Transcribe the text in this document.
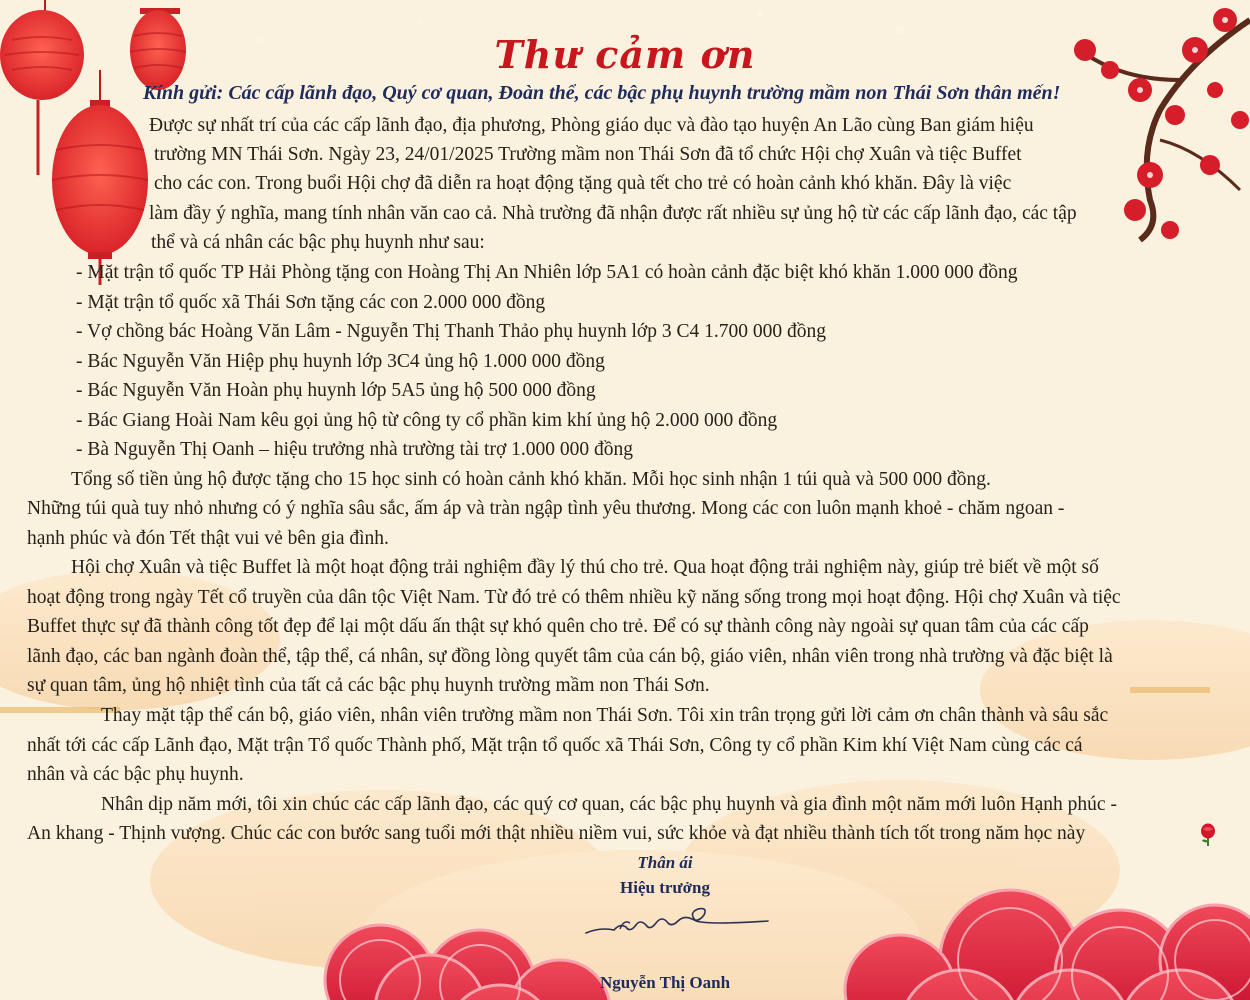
Thư cảm ơn
Kính gửi: Các cấp lãnh đạo, Quý cơ quan, Đoàn thể, các bậc phụ huynh trường mầm non Thái Sơn thân mến!
Được sự nhất trí của các cấp lãnh đạo, địa phương, Phòng giáo dục và đào tạo huyện An Lão cùng Ban giám hiệu
trường MN Thái Sơn. Ngày 23, 24/01/2025 Trường mầm non Thái Sơn đã tổ chức Hội chợ Xuân và tiệc Buffet
cho các con. Trong buổi Hội chợ đã diễn ra hoạt động tặng quà tết cho trẻ có hoàn cảnh khó khăn. Đây là việc
làm đầy ý nghĩa, mang tính nhân văn cao cả. Nhà trường đã nhận được rất nhiều sự ủng hộ từ các cấp lãnh đạo, các tập
thể và cá nhân các bậc phụ huynh như sau:
- Mặt trận tổ quốc TP Hải Phòng tặng con Hoàng Thị An Nhiên lớp 5A1 có hoàn cảnh đặc biệt khó khăn 1.000 000 đồng
- Mặt trận tổ quốc xã Thái Sơn tặng các con 2.000 000 đồng
- Vợ chồng bác Hoàng Văn Lâm - Nguyễn Thị Thanh Thảo phụ huynh lớp 3 C4 1.700 000 đồng
- Bác Nguyễn Văn Hiệp phụ huynh lớp 3C4 ủng hộ 1.000 000 đồng
- Bác Nguyễn Văn Hoàn phụ huynh lớp 5A5 ủng hộ 500 000 đồng
- Bác Giang Hoài Nam kêu gọi ủng hộ từ công ty cổ phần kim khí ủng hộ 2.000 000 đồng
- Bà Nguyễn Thị Oanh – hiệu trưởng nhà trường tài trợ 1.000 000 đồng
Tổng số tiền ủng hộ được tặng cho 15 học sinh có hoàn cảnh khó khăn. Mỗi học sinh nhận 1 túi quà và 500 000 đồng.
Những túi quà tuy nhỏ nhưng có ý nghĩa sâu sắc, ấm áp và tràn ngập tình yêu thương. Mong các con luôn mạnh khoẻ - chăm ngoan -
hạnh phúc và đón Tết thật vui vẻ bên gia đình.
Hội chợ Xuân và tiệc Buffet là một hoạt động trải nghiệm đầy lý thú cho trẻ. Qua hoạt động trải nghiệm này, giúp trẻ biết về một số
hoạt động trong ngày Tết cổ truyền của dân tộc Việt Nam. Từ đó trẻ có thêm nhiều kỹ năng sống trong mọi hoạt động. Hội chợ Xuân và tiệc
Buffet thực sự đã thành công tốt đẹp để lại một dấu ấn thật sự khó quên cho trẻ. Để có sự thành công này ngoài sự quan tâm của các cấp
lãnh đạo, các ban ngành đoàn thể, tập thể, cá nhân, sự đồng lòng quyết tâm của cán bộ, giáo viên, nhân viên trong nhà trường và đặc biệt là
sự quan tâm, ủng hộ nhiệt tình của tất cả các bậc phụ huynh trường mầm non Thái Sơn.
Thay mặt tập thể cán bộ, giáo viên, nhân viên trường mầm non Thái Sơn. Tôi xin trân trọng gửi lời cảm ơn chân thành và sâu sắc
nhất tới các cấp Lãnh đạo, Mặt trận Tổ quốc Thành phố, Mặt trận tổ quốc xã Thái Sơn, Công ty cổ phần Kim khí Việt Nam cùng các cá
nhân và các bậc phụ huynh.
Nhân dịp năm mới, tôi xin chúc các cấp lãnh đạo, các quý cơ quan, các bậc phụ huynh và gia đình một năm mới luôn Hạnh phúc -
An khang - Thịnh vượng. Chúc các con bước sang tuổi mới thật nhiều niềm vui, sức khỏe và đạt nhiều thành tích tốt trong năm học này
Thân ái
Hiệu trưởng
Nguyễn Thị Oanh
